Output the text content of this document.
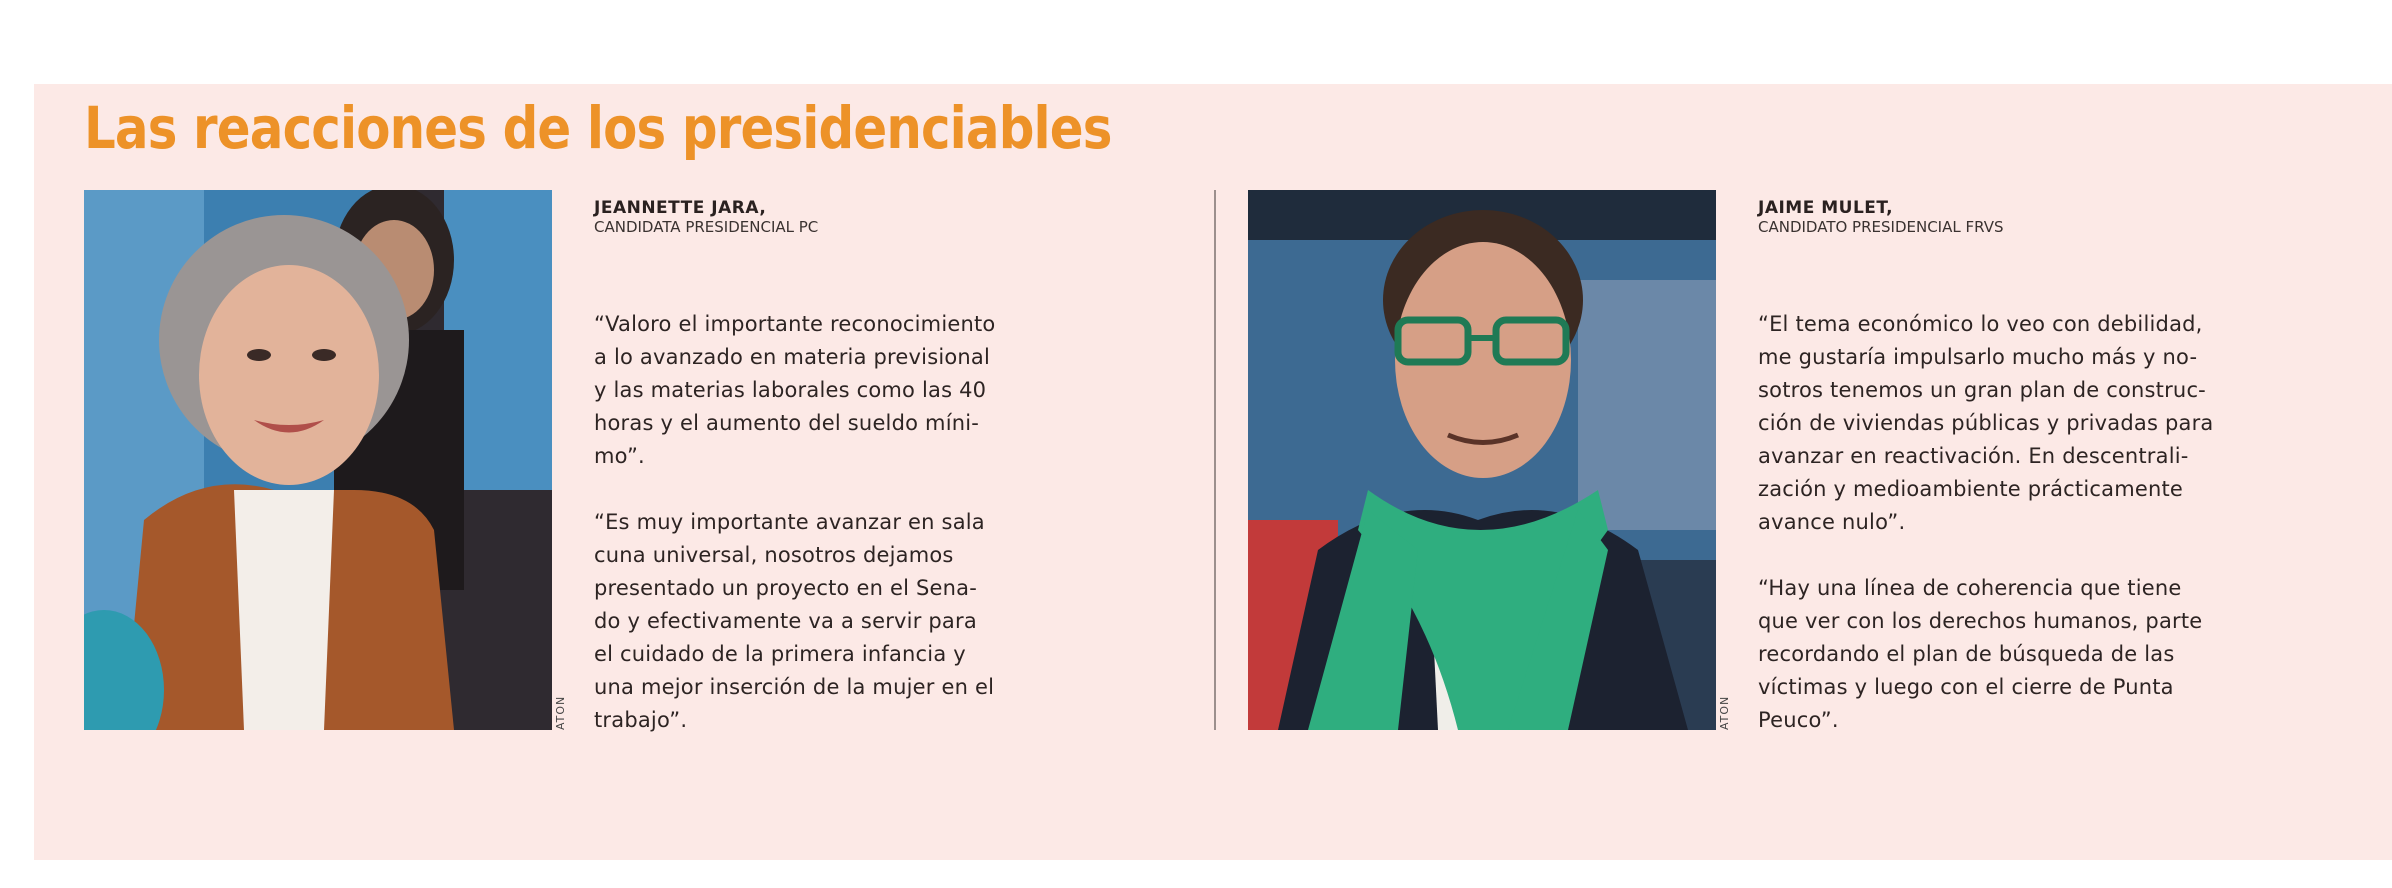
Las reacciones de los presidenciables
ATON
JEANNETTE JARA,
CANDIDATA PRESIDENCIAL PC

“Valoro el importante reconocimiento
a lo avanzado en materia previsional
y las materias laborales como las 40
horas y el aumento del sueldo míni-
mo”.

“Es muy importante avanzar en sala
cuna universal, nosotros dejamos
presentado un proyecto en el Sena-
do y efectivamente va a servir para
el cuidado de la primera infancia y
una mejor inserción de la mujer en el
trabajo”.	ATON
JAIME MULET,
CANDIDATO PRESIDENCIAL FRVS

“El tema económico lo veo con debilidad,
me gustaría impulsarlo mucho más y no-
sotros tenemos un gran plan de construc-
ción de viviendas públicas y privadas para
avanzar en reactivación. En descentrali-
zación y medioambiente prácticamente
avance nulo”.

“Hay una línea de coherencia que tiene
que ver con los derechos humanos, parte
recordando el plan de búsqueda de las
víctimas y luego con el cierre de Punta
Peuco”.
